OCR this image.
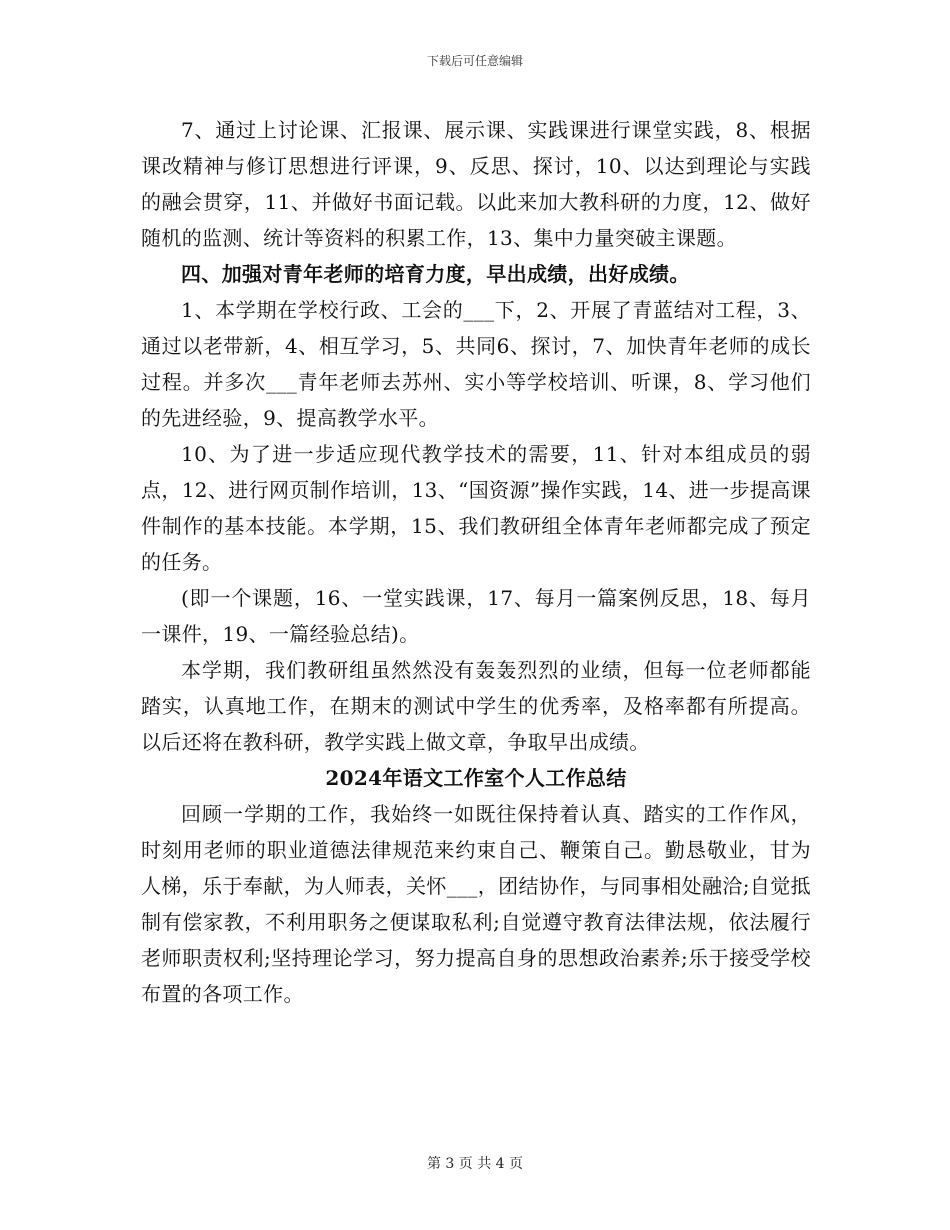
下载后可任意编辑

7、通过上讨论课、汇报课、展示课、实践课进行课堂实践，8、根据课改精神与修订思想进行评课，9、反思、探讨，10、以达到理论与实践的融会贯穿，11、并做好书面记载。以此来加大教科研的力度，12、做好随机的监测、统计等资料的积累工作，13、集中力量突破主课题。

四、加强对青年老师的培育力度，早出成绩，出好成绩。

1、本学期在学校行政、工会的___下，2、开展了青蓝结对工程，3、通过以老带新，4、相互学习，5、共同6、探讨，7、加快青年老师的成长过程。并多次___青年老师去苏州、实小等学校培训、听课，8、学习他们的先进经验，9、提高教学水平。

10、为了进一步适应现代教学技术的需要，11、针对本组成员的弱点，12、进行网页制作培训，13、“国资源”操作实践，14、进一步提高课件制作的基本技能。本学期，15、我们教研组全体青年老师都完成了预定的任务。

(即一个课题，16、一堂实践课，17、每月一篇案例反思，18、每月一课件，19、一篇经验总结)。

本学期，我们教研组虽然然没有轰轰烈烈的业绩，但每一位老师都能踏实，认真地工作，在期末的测试中学生的优秀率，及格率都有所提高。以后还将在教科研，教学实践上做文章，争取早出成绩。

2024年语文工作室个人工作总结

回顾一学期的工作，我始终一如既往保持着认真、踏实的工作作风，时刻用老师的职业道德法律规范来约束自己、鞭策自己。勤恳敬业，甘为人梯，乐于奉献，为人师表，关怀___，团结协作，与同事相处融洽;自觉抵制有偿家教，不利用职务之便谋取私利;自觉遵守教育法律法规，依法履行老师职责权利;坚持理论学习，努力提高自身的思想政治素养;乐于接受学校布置的各项工作。

第 3 页 共 4 页
